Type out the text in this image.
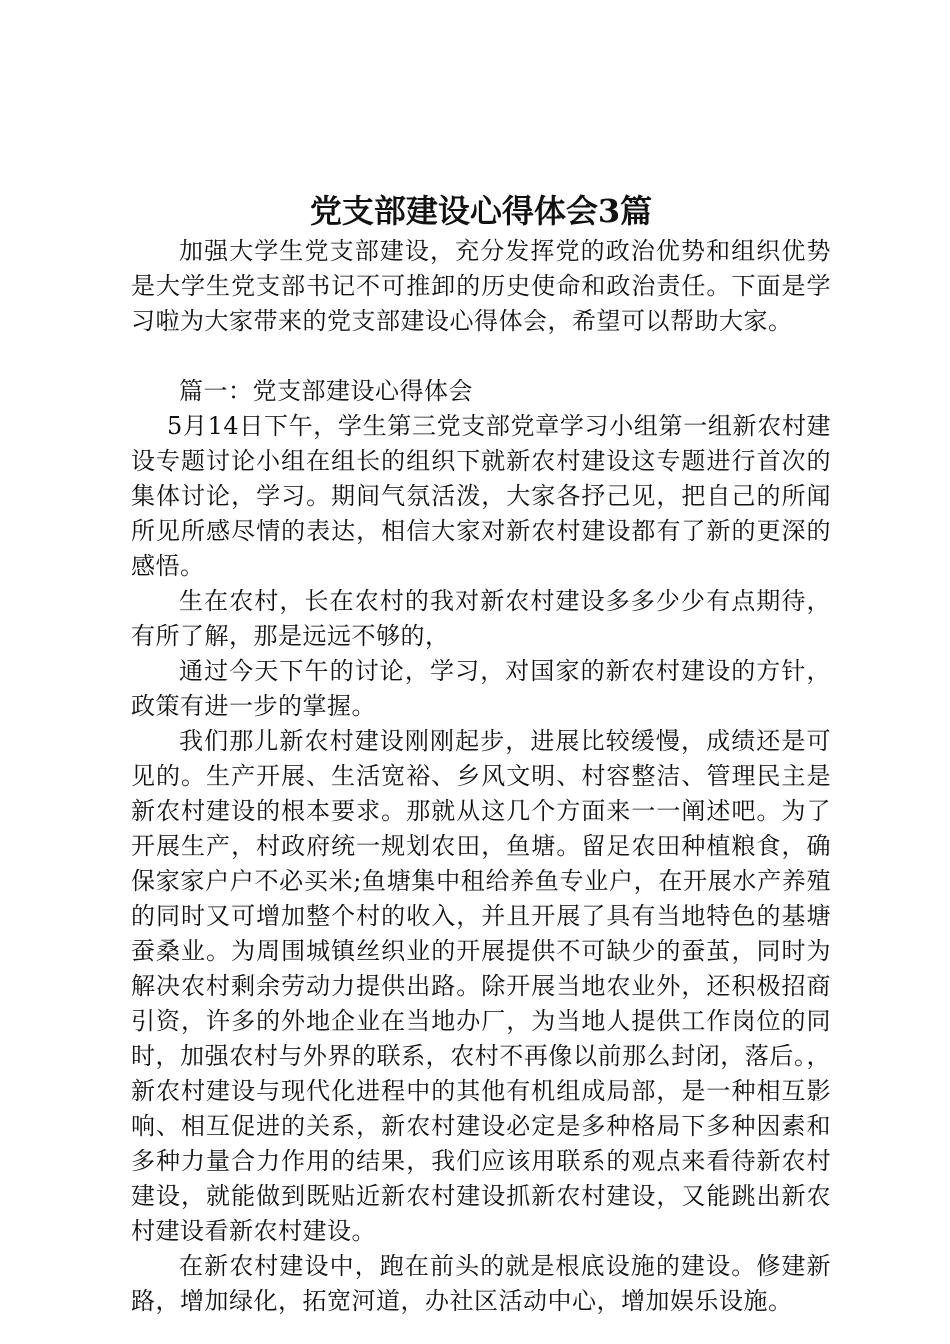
党支部建设心得体会3篇

加强大学生党支部建设，充分发挥党的政治优势和组织优势是大学生党支部书记不可推卸的历史使命和政治责任。下面是学习啦为大家带来的党支部建设心得体会，希望可以帮助大家。

篇一：党支部建设心得体会

5月14日下午，学生第三党支部党章学习小组第一组新农村建设专题讨论小组在组长的组织下就新农村建设这专题进行首次的集体讨论，学习。期间气氛活泼，大家各抒己见，把自己的所闻所见所感尽情的表达，相信大家对新农村建设都有了新的更深的感悟。

生在农村，长在农村的我对新农村建设多多少少有点期待，有所了解，那是远远不够的，

通过今天下午的讨论，学习，对国家的新农村建设的方针，政策有进一步的掌握。

我们那儿新农村建设刚刚起步，进展比较缓慢，成绩还是可见的。生产开展、生活宽裕、乡风文明、村容整洁、管理民主是新农村建设的根本要求。那就从这几个方面来一一阐述吧。为了开展生产，村政府统一规划农田，鱼塘。留足农田种植粮食，确保家家户户不必买米;鱼塘集中租给养鱼专业户，在开展水产养殖的同时又可增加整个村的收入，并且开展了具有当地特色的基塘蚕桑业。为周围城镇丝织业的开展提供不可缺少的蚕茧，同时为解决农村剩余劳动力提供出路。除开展当地农业外，还积极招商引资，许多的外地企业在当地办厂，为当地人提供工作岗位的同时，加强农村与外界的联系，农村不再像以前那么封闭，落后。，新农村建设与现代化进程中的其他有机组成局部，是一种相互影响、相互促进的关系，新农村建设必定是多种格局下多种因素和多种力量合力作用的结果，我们应该用联系的观点来看待新农村建设，就能做到既贴近新农村建设抓新农村建设，又能跳出新农村建设看新农村建设。

在新农村建设中，跑在前头的就是根底设施的建设。修建新路，增加绿化，拓宽河道，办社区活动中心，增加娱乐设施。
